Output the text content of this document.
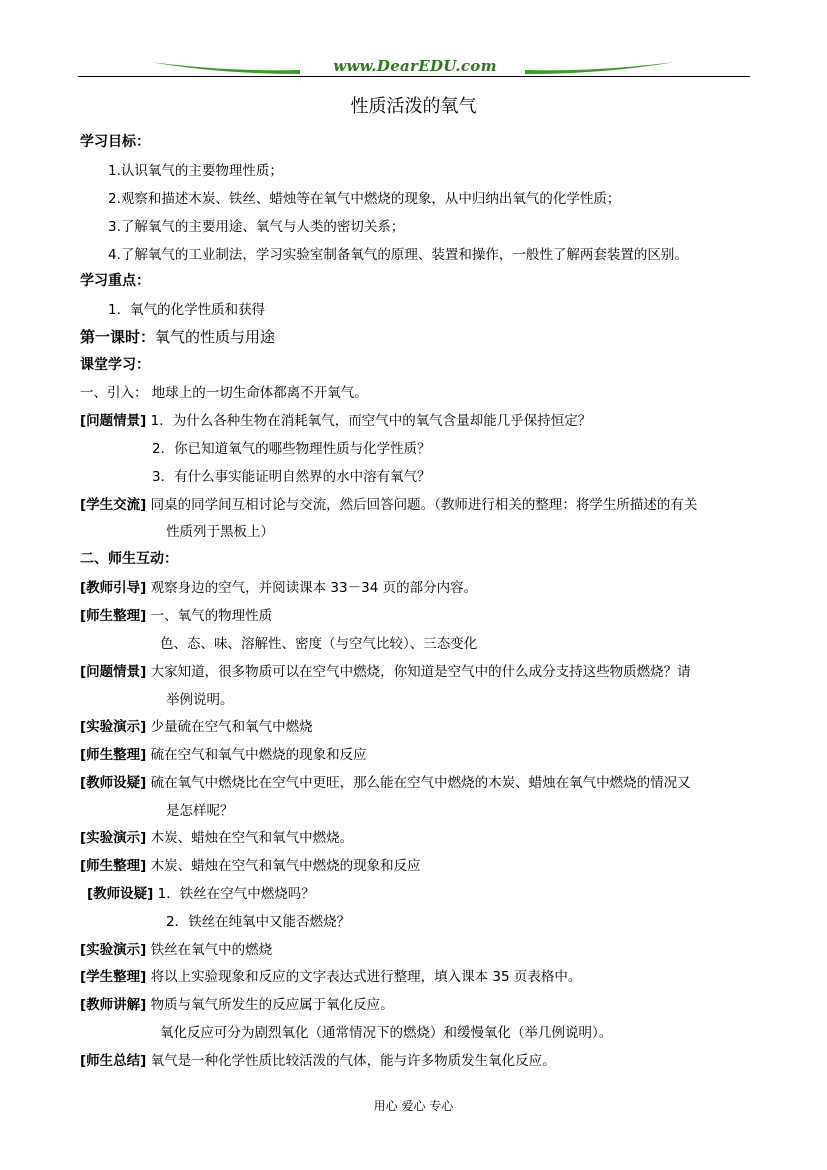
www.DearEDU.com
性质活泼的氧气
学习目标：
1.认识氧气的主要物理性质；
2.观察和描述木炭、铁丝、蜡烛等在氧气中燃烧的现象，从中归纳出氧气的化学性质；
3.了解氧气的主要用途、氧气与人类的密切关系；
4.了解氧气的工业制法，学习实验室制备氧气的原理、装置和操作，一般性了解两套装置的区别。
学习重点：
1．氧气的化学性质和获得
第一课时：氧气的性质与用途
课堂学习：
一、引入： 地球上的一切生命体都离不开氧气。
[问题情景] 1．为什么各种生物在消耗氧气，而空气中的氧气含量却能几乎保持恒定？
2．你已知道氧气的哪些物理性质与化学性质？
3．有什么事实能证明自然界的水中溶有氧气？
[学生交流] 同桌的同学间互相讨论与交流，然后回答问题。（教师进行相关的整理：将学生所描述的有关
性质列于黑板上）
二、师生互动：
[教师引导] 观察身边的空气，并阅读课本 33－34 页的部分内容。
[师生整理] 一、氧气的物理性质
色、态、味、溶解性、密度（与空气比较）、三态变化
[问题情景] 大家知道，很多物质可以在空气中燃烧，你知道是空气中的什么成分支持这些物质燃烧？请
举例说明。
[实验演示] 少量硫在空气和氧气中燃烧
[师生整理] 硫在空气和氧气中燃烧的现象和反应
[教师设疑] 硫在氧气中燃烧比在空气中更旺，那么能在空气中燃烧的木炭、蜡烛在氧气中燃烧的情况又
是怎样呢？
[实验演示] 木炭、蜡烛在空气和氧气中燃烧。
[师生整理] 木炭、蜡烛在空气和氧气中燃烧的现象和反应
[教师设疑] 1．铁丝在空气中燃烧吗？
2．铁丝在纯氧中又能否燃烧？
[实验演示] 铁丝在氧气中的燃烧
[学生整理] 将以上实验现象和反应的文字表达式进行整理，填入课本 35 页表格中。
[教师讲解] 物质与氧气所发生的反应属于氧化反应。
氧化反应可分为剧烈氧化（通常情况下的燃烧）和缓慢氧化（举几例说明）。
[师生总结] 氧气是一种化学性质比较活泼的气体，能与许多物质发生氧化反应。
用心 爱心 专心
